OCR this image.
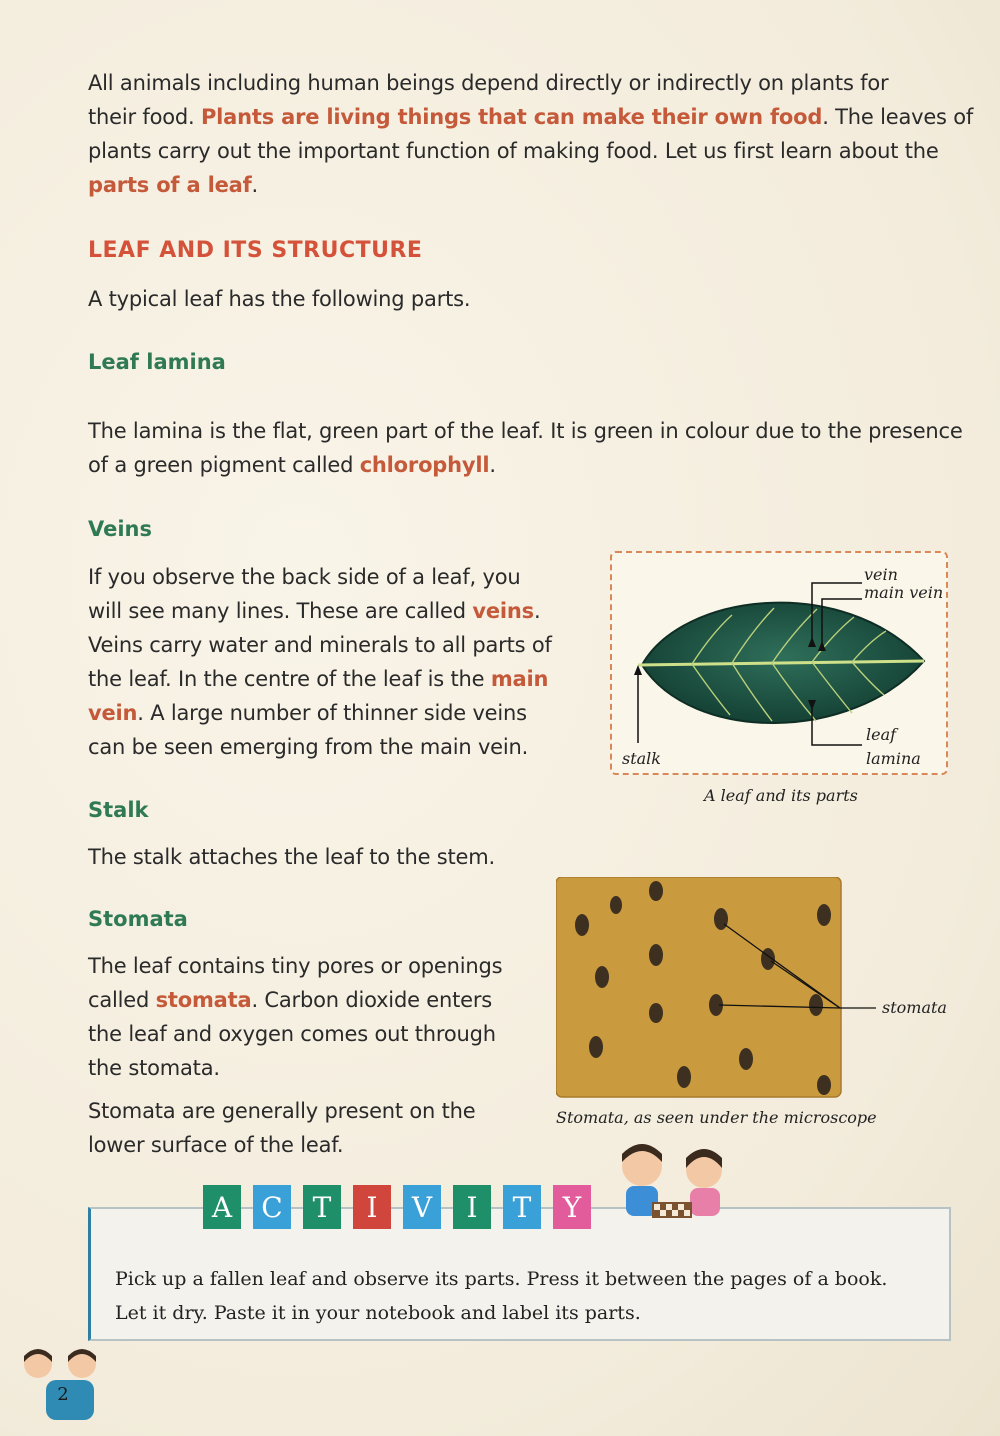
All animals including human beings depend directly or indirectly on plants for
their food. Plants are living things that can make their own food. The leaves of
plants carry out the important function of making food. Let us first learn about the
parts of a leaf.
LEAF AND ITS STRUCTURE
A typical leaf has the following parts.
Leaf lamina
The lamina is the flat, green part of the leaf. It is green in colour due to the presence
of a green pigment called chlorophyll.
Veins
If you observe the back side of a leaf, you
will see many lines. These are called veins.
Veins carry water and minerals to all parts of
the leaf. In the centre of the leaf is the main
vein. A large number of thinner side veins
can be seen emerging from the main vein.
vein
main vein
leaf
lamina
stalk
A leaf and its parts
Stalk
The stalk attaches the leaf to the stem.
Stomata
The leaf contains tiny pores or openings
called stomata. Carbon dioxide enters
the leaf and oxygen comes out through
the stomata.
Stomata are generally present on the
lower surface of the leaf.
stomata
Stomata, as seen under the microscope
A	C	T	I	V	I	T	Y
Pick up a fallen leaf and observe its parts. Press it between the pages of a book.
Let it dry. Paste it in your notebook and label its parts.
2
